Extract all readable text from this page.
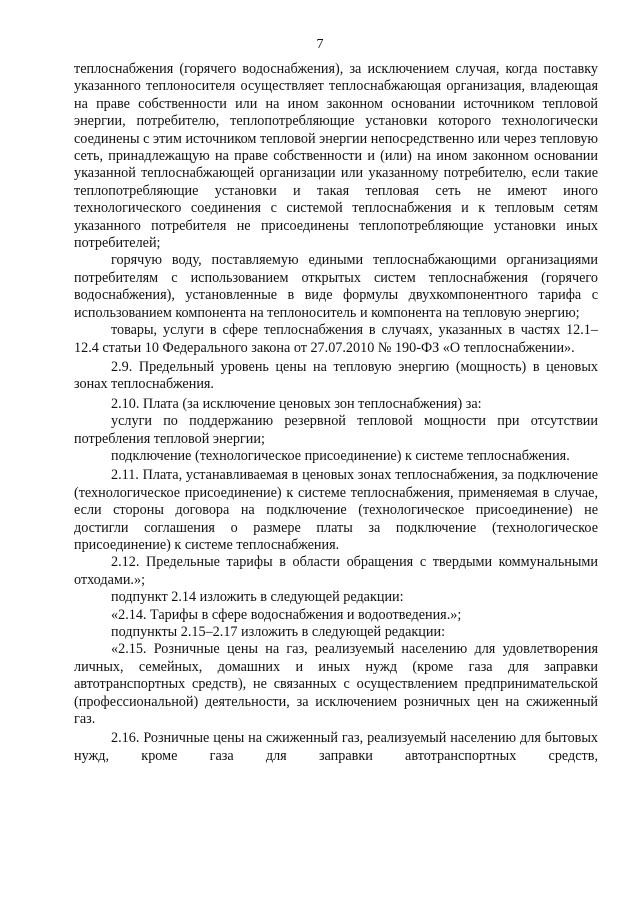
7

теплоснабжения (горячего водоснабжения), за исключением случая, когда поставку указанного теплоносителя осуществляет теплоснабжающая организация, владеющая на праве собственности или на ином законном основании источником тепловой энергии, потребителю, теплопотребляющие установки которого технологически соединены с этим источником тепловой энергии непосредственно или через тепловую сеть, принадлежащую на праве собственности и (или) на ином законном основании указанной теплоснабжающей организации или указанному потребителю, если такие теплопотребляющие установки и такая тепловая сеть не имеют иного технологического соединения с системой теплоснабжения и к тепловым сетям указанного потребителя не присоединены теплопотребляющие установки иных потребителей;

горячую воду, поставляемую едиными теплоснабжающими организациями потребителям с использованием открытых систем теплоснабжения (горячего водоснабжения), установленные в виде формулы двухкомпонентного тарифа с использованием компонента на теплоноситель и компонента на тепловую энергию;

товары, услуги в сфере теплоснабжения в случаях, указанных в частях 12.1–12.4 статьи 10 Федерального закона от 27.07.2010 № 190-ФЗ «О теплоснабжении».

2.9. Предельный уровень цены на тепловую энергию (мощность) в ценовых зонах теплоснабжения.

2.10. Плата (за исключение ценовых зон теплоснабжения) за:

услуги по поддержанию резервной тепловой мощности при отсутствии потребления тепловой энергии;

подключение (технологическое присоединение) к системе теплоснабжения.

2.11. Плата, устанавливаемая в ценовых зонах теплоснабжения, за подключение (технологическое присоединение) к системе теплоснабжения, применяемая в случае, если стороны договора на подключение (технологическое присоединение) не достигли соглашения о размере платы за подключение (технологическое присоединение) к системе теплоснабжения.

2.12. Предельные тарифы в области обращения с твердыми коммунальными отходами.»;

подпункт 2.14 изложить в следующей редакции:

«2.14. Тарифы в сфере водоснабжения и водоотведения.»;

подпункты 2.15–2.17 изложить в следующей редакции:

«2.15. Розничные цены на газ, реализуемый населению для удовлетворения личных, семейных, домашних и иных нужд (кроме газа для заправки автотранспортных средств), не связанных с осуществлением предпринимательской (профессиональной) деятельности, за исключением розничных цен на сжиженный газ.

2.16. Розничные цены на сжиженный газ, реализуемый населению для бытовых нужд, кроме газа для заправки автотранспортных средств,
